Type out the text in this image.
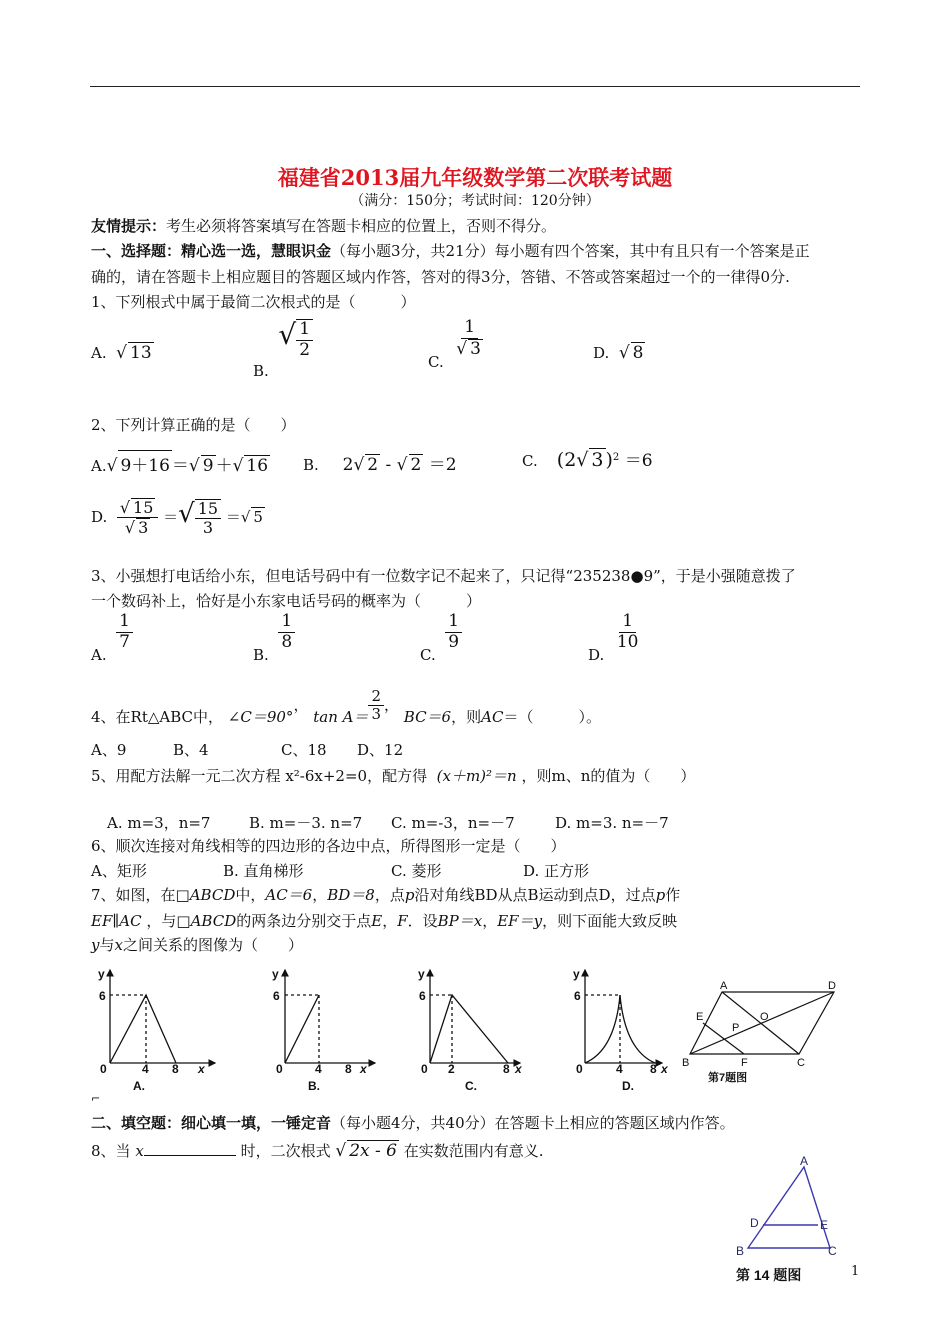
福建省2013届九年级数学第二次联考试题
（满分：150分；考试时间：120分钟）
友情提示：考生必须将答案填写在答题卡相应的位置上，否则不得分。
一、选择题：精心选一选，慧眼识金（每小题3分，共21分）每小题有四个答案，其中有且只有一个答案是正
确的，请在答题卡上相应题目的答题区域内作答，答对的得3分，答错、不答或答案超过一个的一律得0分.
1、下列根式中属于最简二次根式的是（　　　）
A. √ 13
B.  √ $\frac{1}{2}$
C.
$\frac{1}{√ 3}$	D. √ 8
2、下列计算正确的是（　　）
A.√ 9＋16 ＝√ 9 ＋√ 16 B. 2√ 2 - √ 2 ＝2	C. (2√ 3 )$^2$ ＝6
D. $\frac{√ 15}{√ 3}$ ＝√ $\frac{15}{3}$ ＝√ 5
3、小强想打电话给小东，但电话号码中有一位数字记不起来了，只记得“235238●9”，于是小强随意拨了
一个数码补上，恰好是小东家电话号码的概率为（　　　）
A.
$\frac{1}{7}$
B.
$\frac{1}{8}$
C.
$\frac{1}{9}$
D.
$\frac{1}{10}$
4、在Rt△ABC中， ∠C＝90°， $\tan A= \frac{2}{3}$ ， BC＝6，则AC＝（　　　）。
A、9	B、4	C、18 D、12
5、用配方法解一元二次方程 x²-6x+2=0，配方得 (x＋m)²＝n ，则m、n的值为（　　）
A. m=3，n=7	B. m=－3. n=7 C. m=-3，n=－7	D. m=3. n=－7
6、顺次连接对角线相等的四边形的各边中点，所得图形一定是（　　）
A、矩形	B. 直角梯形	C. 菱形	D. 正方形
7、如图，在□ABCD中，AC＝6，BD＝8，点p沿对角线BD从点B运动到点D，过点p作
EF∥AC ，与□ABCD的两条边分别交于点E，F．设BP＝x，EF＝y，则下面能大致反映
y与x之间关系的图像为（　　）
y
6
0	4 8 x
A.
y
6
0	4 8 x
B.
y
6
0 2	8 x
C.
y
6
0	4 8 x
D.
A	D
B	C
E
F
P
O
第7题图
⌐
二、填空题：细心填一填，一锤定音（每小题4分，共40分）在答题卡上相应的答题区域内作答。
8、当 x	时，二次根式 √ 2x - 6 在实数范围内有意义.
A
D	E
B	C
第 14 题图	1
